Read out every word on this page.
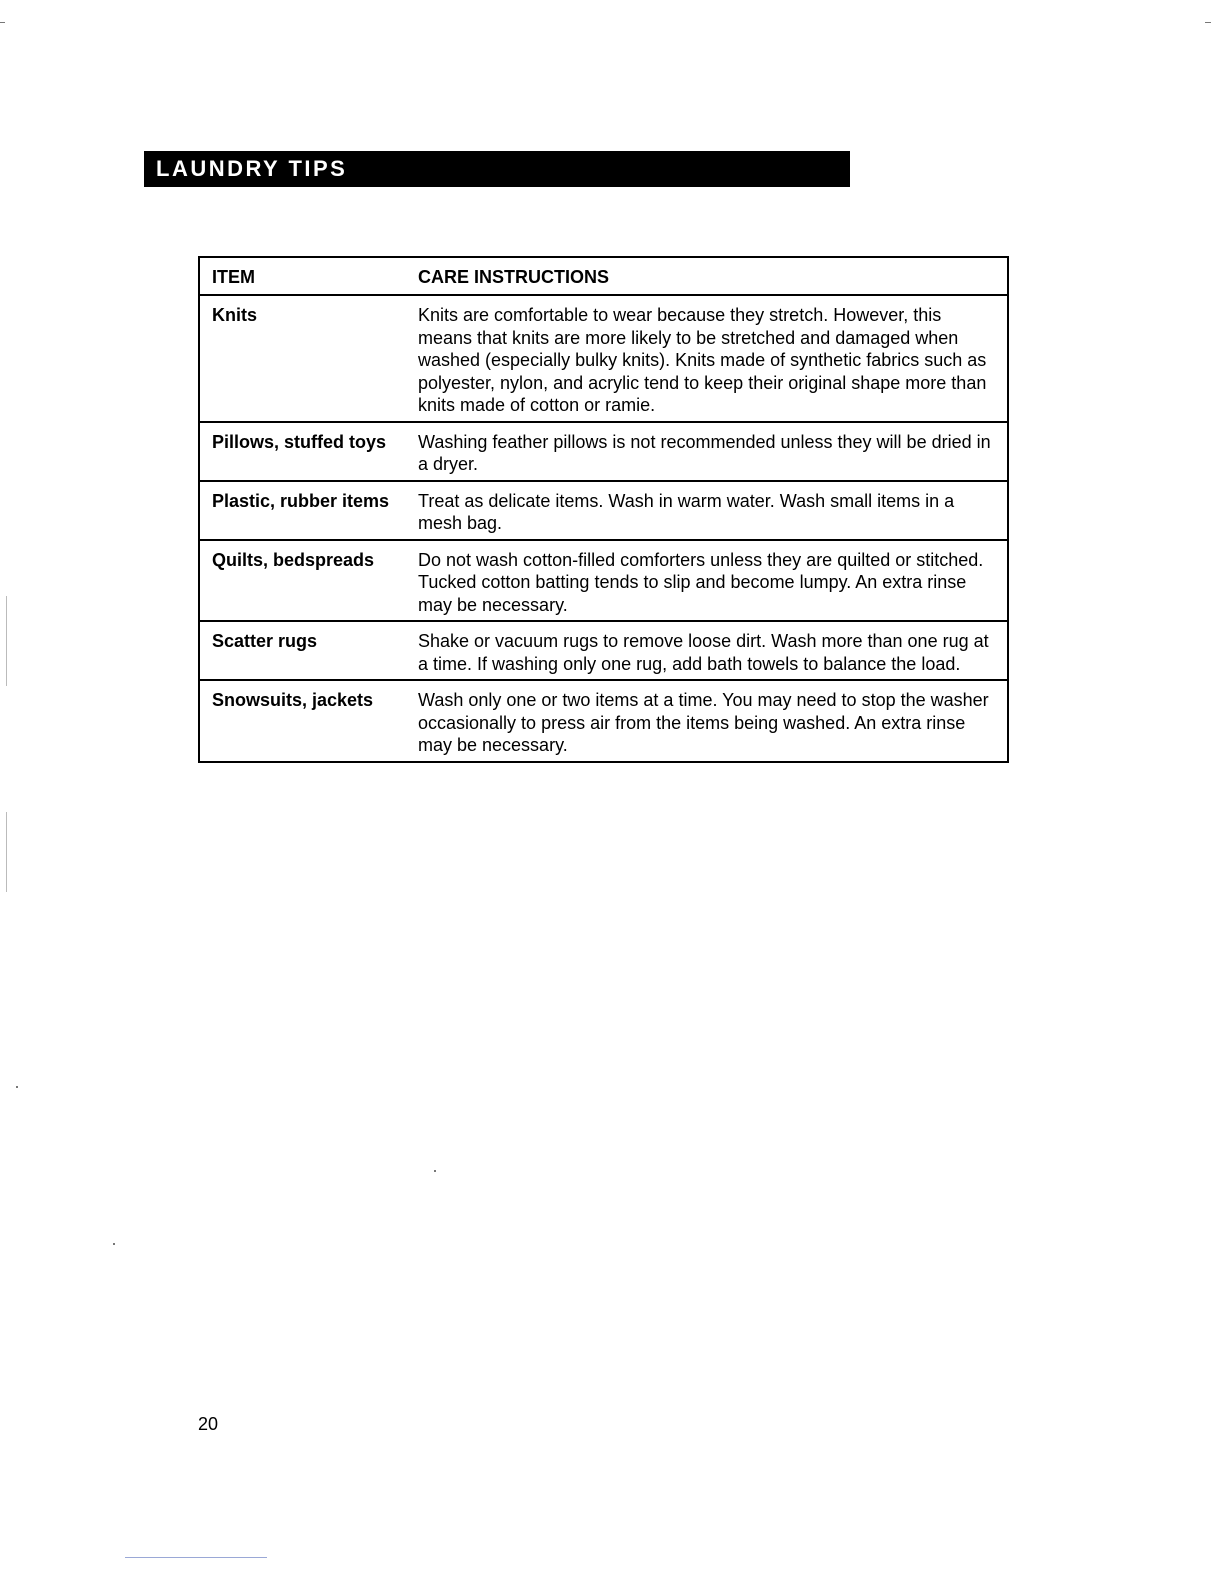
LAUNDRY TIPS
ITEM	CARE INSTRUCTIONS
Knits	Knits are comfortable to wear because they stretch. However, this means that knits are more likely to be stretched and damaged when washed (especially bulky knits). Knits made of synthetic fabrics such as polyester, nylon, and acrylic tend to keep their original shape more than knits made of cotton or ramie.
Pillows, stuffed toys	Washing feather pillows is not recommended unless they will be dried in a dryer.
Plastic, rubber items	Treat as delicate items. Wash in warm water. Wash small items in a mesh bag.
Quilts, bedspreads	Do not wash cotton-filled comforters unless they are quilted or stitched. Tucked cotton batting tends to slip and become lumpy. An extra rinse may be necessary.
Scatter rugs	Shake or vacuum rugs to remove loose dirt. Wash more than one rug at a time. If washing only one rug, add bath towels to balance the load.
Snowsuits, jackets	Wash only one or two items at a time. You may need to stop the washer occasionally to press air from the items being washed. An extra rinse may be necessary.
20
